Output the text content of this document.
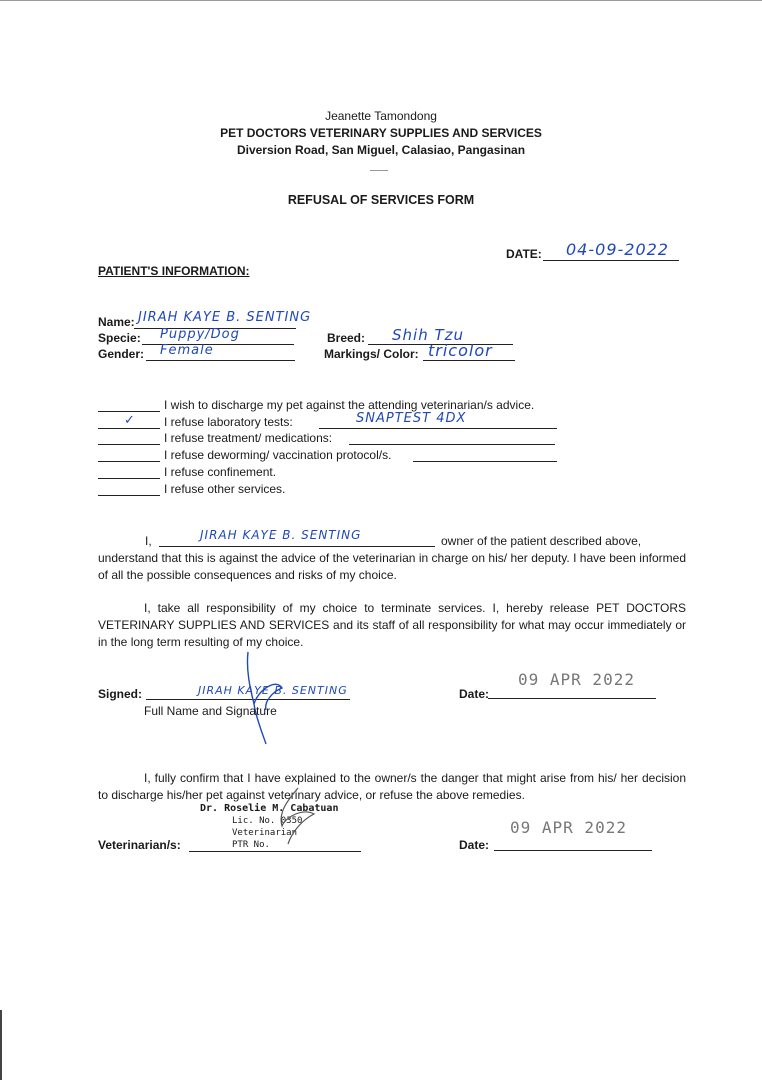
Jeanette Tamondong
PET DOCTORS VETERINARY SUPPLIES AND SERVICES
Diversion Road, San Miguel, Calasiao, Pangasinan
REFUSAL OF SERVICES FORM
DATE: 04-09-2022
PATIENT'S INFORMATION:
Name: JIRAH KAYE B. SENTING
Specie: Puppy/Dog
Gender: Female
Breed: Shih Tzu
Markings/ Color: tricolor
I wish to discharge my pet against the attending veterinarian/s advice.
✓ I refuse laboratory tests:	SNAPTEST 4DX
I refuse treatment/ medications:
I refuse deworming/ vaccination protocol/s.
I refuse confinement.
I refuse other services.
I,	JIRAH KAYE B. SENTING	owner of the patient described above,
understand that this is against the advice of the veterinarian in charge on his/ her deputy. I have been informed of all the possible consequences and risks of my choice.
I, take all responsibility of my choice to terminate services. I, hereby release PET DOCTORS VETERINARY SUPPLIES AND SERVICES and its staff of all responsibility for what may occur immediately or in the long term resulting of my choice.
Signed:	JIRAH KAYE B. SENTING
Full Name and Signature
Date:
09 APR 2022
I, fully confirm that I have explained to the owner/s the danger that might arise from his/ her decision to discharge his/her pet against veterinary advice, or refuse the above remedies.
Dr. Roselie M. Cabatuan
Lic. No. 0350
Veterinarian
PTR No.
Veterinarian/s:	Date:
09 APR 2022
